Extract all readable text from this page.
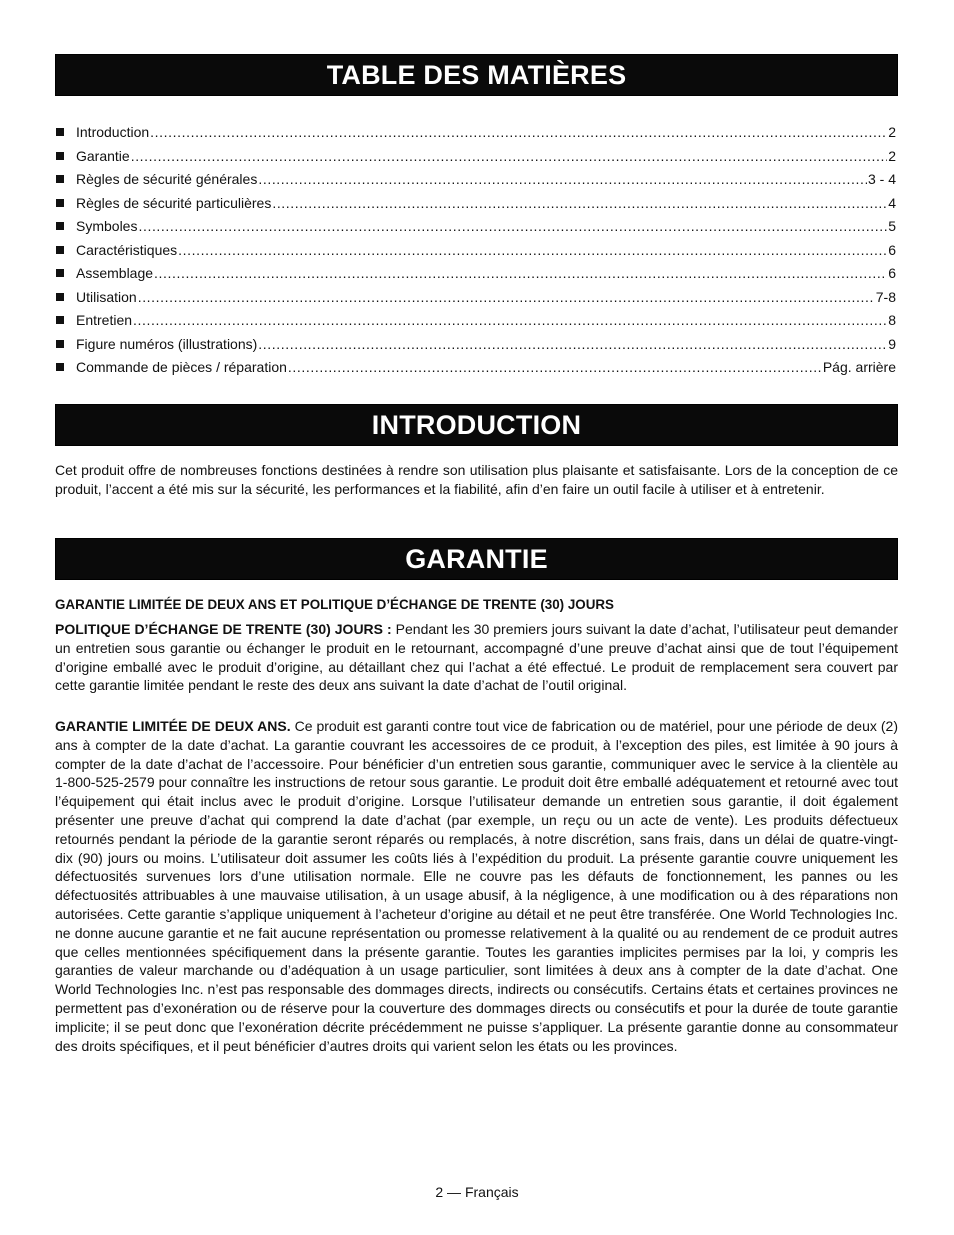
TABLE DES MATIÈRES
Introduction .....	2
Garantie .....	2
Règles de sécurité générales .....	3 - 4
Règles de sécurité particulières .....	4
Symboles .....	5
Caractéristiques .....	6
Assemblage .....	6
Utilisation .....	7-8
Entretien .....	8
Figure numéros (illustrations) .....	9
Commande de pièces / réparation .....	Pág. arrière
INTRODUCTION

Cet produit offre de nombreuses fonctions destinées à rendre son utilisation plus plaisante et satisfaisante. Lors de la conception de ce produit, l’accent a été mis sur la sécurité, les performances et la fiabilité, afin d’en faire un outil facile à utiliser et à entretenir.

GARANTIE

GARANTIE LIMITÉE DE DEUX ANS ET POLITIQUE D’ÉCHANGE DE TRENTE (30) JOURS

POLITIQUE D’ÉCHANGE DE TRENTE (30) JOURS : Pendant les 30 premiers jours suivant la date d’achat, l’utilisateur peut demander un entretien sous garantie ou échanger le produit en le retournant, accompagné d’une preuve d’achat ainsi que de tout l’équipement d’origine emballé avec le produit d’origine, au détaillant chez qui l’achat a été effectué. Le produit de remplacement sera couvert par cette garantie limitée pendant le reste des deux ans suivant la date d’achat de l’outil original.

GARANTIE LIMITÉE DE DEUX ANS. Ce produit est garanti contre tout vice de fabrication ou de matériel, pour une période de deux (2) ans à compter de la date d’achat. La garantie couvrant les accessoires de ce produit, à l’exception des piles, est limitée à 90 jours à compter de la date d’achat de l’accessoire. Pour bénéficier d’un entretien sous garantie, communiquer avec le service à la clientèle au 1-800-525-2579 pour connaître les instructions de retour sous garantie. Le produit doit être emballé adéquatement et retourné avec tout l’équipement qui était inclus avec le produit d’origine. Lorsque l’utilisateur demande un entretien sous garantie, il doit également présenter une preuve d’achat qui comprend la date d’achat (par exemple, un reçu ou un acte de vente). Les produits défectueux retournés pendant la période de la garantie seront réparés ou remplacés, à notre discrétion, sans frais, dans un délai de quatre-vingt-dix (90) jours ou moins. L’utilisateur doit assumer les coûts liés à l’expédition du produit. La présente garantie couvre uniquement les défectuosités survenues lors d’une utilisation normale. Elle ne couvre pas les défauts de fonctionnement, les pannes ou les défectuosités attribuables à une mauvaise utilisation, à un usage abusif, à la négligence, à une modification ou à des réparations non autorisées. Cette garantie s’applique uniquement à l’acheteur d’origine au détail et ne peut être transférée. One World Technologies Inc. ne donne aucune garantie et ne fait aucune représentation ou promesse relativement à la qualité ou au rendement de ce produit autres que celles mentionnées spécifiquement dans la présente garantie. Toutes les garanties implicites permises par la loi, y compris les garanties de valeur marchande ou d’adéquation à un usage particulier, sont limitées à deux ans à compter de la date d’achat. One World Technologies Inc. n’est pas responsable des dommages directs, indirects ou consécutifs. Certains états et certaines provinces ne permettent pas d’exonération ou de réserve pour la couverture des dommages directs ou consécutifs et pour la durée de toute garantie implicite; il se peut donc que l’exonération décrite précédemment ne puisse s’appliquer. La présente garantie donne au consommateur des droits spécifiques, et il peut bénéficier d’autres droits qui varient selon les états ou les provinces.

2 — Français
